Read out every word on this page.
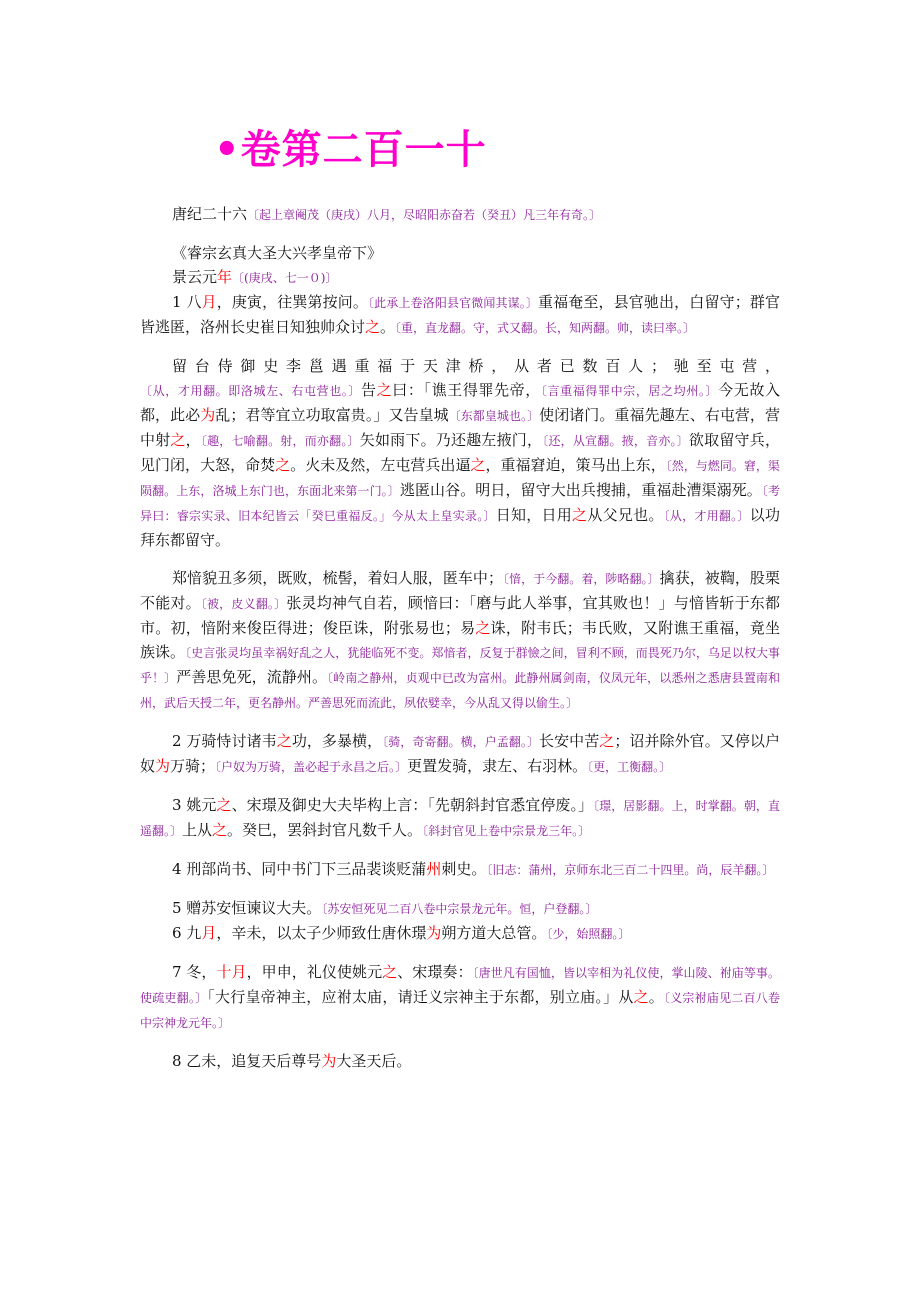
•卷第二百一十

唐纪二十六〔起上章阉茂（庚戌）八月，尽昭阳赤奋若（癸丑）凡三年有奇。〕

《睿宗玄真大圣大兴孝皇帝下》

景云元年〔(庚戌、七一０)〕

1 八月，庚寅，往巽第按问。〔此承上卷洛阳县官微闻其谋。〕重福奄至，县官驰出，白留守；群官皆逃匿，洛州长史崔日知独帅众讨之。〔重，直龙翻。守，式又翻。长，知两翻。帅，读曰率。〕

留台侍御史李邕遇重福于天津桥，从者已数百人；驰至屯营，〔从，才用翻。即洛城左、右屯营也。〕告之曰：「谯王得罪先帝，〔言重福得罪中宗，居之均州。〕今无故入都，此必为乱；君等宜立功取富贵。」又告皇城〔东都皇城也。〕使闭诸门。重福先趣左、右屯营，营中射之，〔趣，七喻翻。射，而亦翻。〕矢如雨下。乃还趣左掖门，〔还，从宣翻。掖，音亦。〕欲取留守兵，见门闭，大怒，命焚之。火未及然，左屯营兵出逼之，重福窘迫，策马出上东，〔然，与燃同。窘，渠陨翻。上东，洛城上东门也，东面北来第一门。〕逃匿山谷。明日，留守大出兵搜捕，重福赴漕渠溺死。〔考异曰：睿宗实录、旧本纪皆云「癸巳重福反。」今从太上皇实录。〕日知，日用之从父兄也。〔从，才用翻。〕以功拜东都留守。

郑愔貌丑多须，既败，梳髻，着妇人服，匿车中；〔愔，于今翻。着，陟略翻。〕擒获，被鞫，股栗不能对。〔被，皮义翻。〕张灵均神气自若，顾愔曰：「磨与此人举事，宜其败也！」与愔皆斩于东都市。初，愔附来俊臣得进；俊臣诛，附张易也；易之诛，附韦氏；韦氏败，又附谯王重福，竟坐族诛。〔史言张灵均虽幸祸好乱之人，犹能临死不变。郑愔者，反复于群憸之间，冒利不顾，而畏死乃尔，乌足以权大事乎！〕严善思免死，流静州。〔岭南之静州，贞观中已改为富州。此静州属剑南，仪凤元年，以悉州之悉唐县置南和州，武后天授二年，更名静州。严善思死而流此，夙依嬖幸，今从乱又得以偷生。〕

2 万骑恃讨诸韦之功，多暴横，〔骑，奇寄翻。横，户孟翻。〕长安中苦之；诏并除外官。又停以户奴为万骑；〔户奴为万骑，盖必起于永昌之后。〕更置发骑，隶左、右羽林。〔更，工衡翻。〕

3 姚元之、宋璟及御史大夫毕构上言：「先朝斜封官悉宜停废。」〔璟，居影翻。上，时掌翻。朝，直遥翻。〕上从之。癸巳，罢斜封官凡数千人。〔斜封官见上卷中宗景龙三年。〕

4 刑部尚书、同中书门下三品裴谈贬蒲州刺史。〔旧志：蒲州，京师东北三百二十四里。尚，辰羊翻。〕

5 赠苏安恒谏议大夫。〔苏安恒死见二百八卷中宗景龙元年。恒，户登翻。〕

6 九月，辛未，以太子少师致仕唐休璟为朔方道大总管。〔少，始照翻。〕

7 冬，十月，甲申，礼仪使姚元之、宋璟奏：〔唐世凡有国恤，皆以宰相为礼仪使，掌山陵、祔庙等事。使疏吏翻。〕「大行皇帝神主，应祔太庙，请迁义宗神主于东都，别立庙。」从之。〔义宗祔庙见二百八卷中宗神龙元年。〕

8 乙未，追复天后尊号为大圣天后。
